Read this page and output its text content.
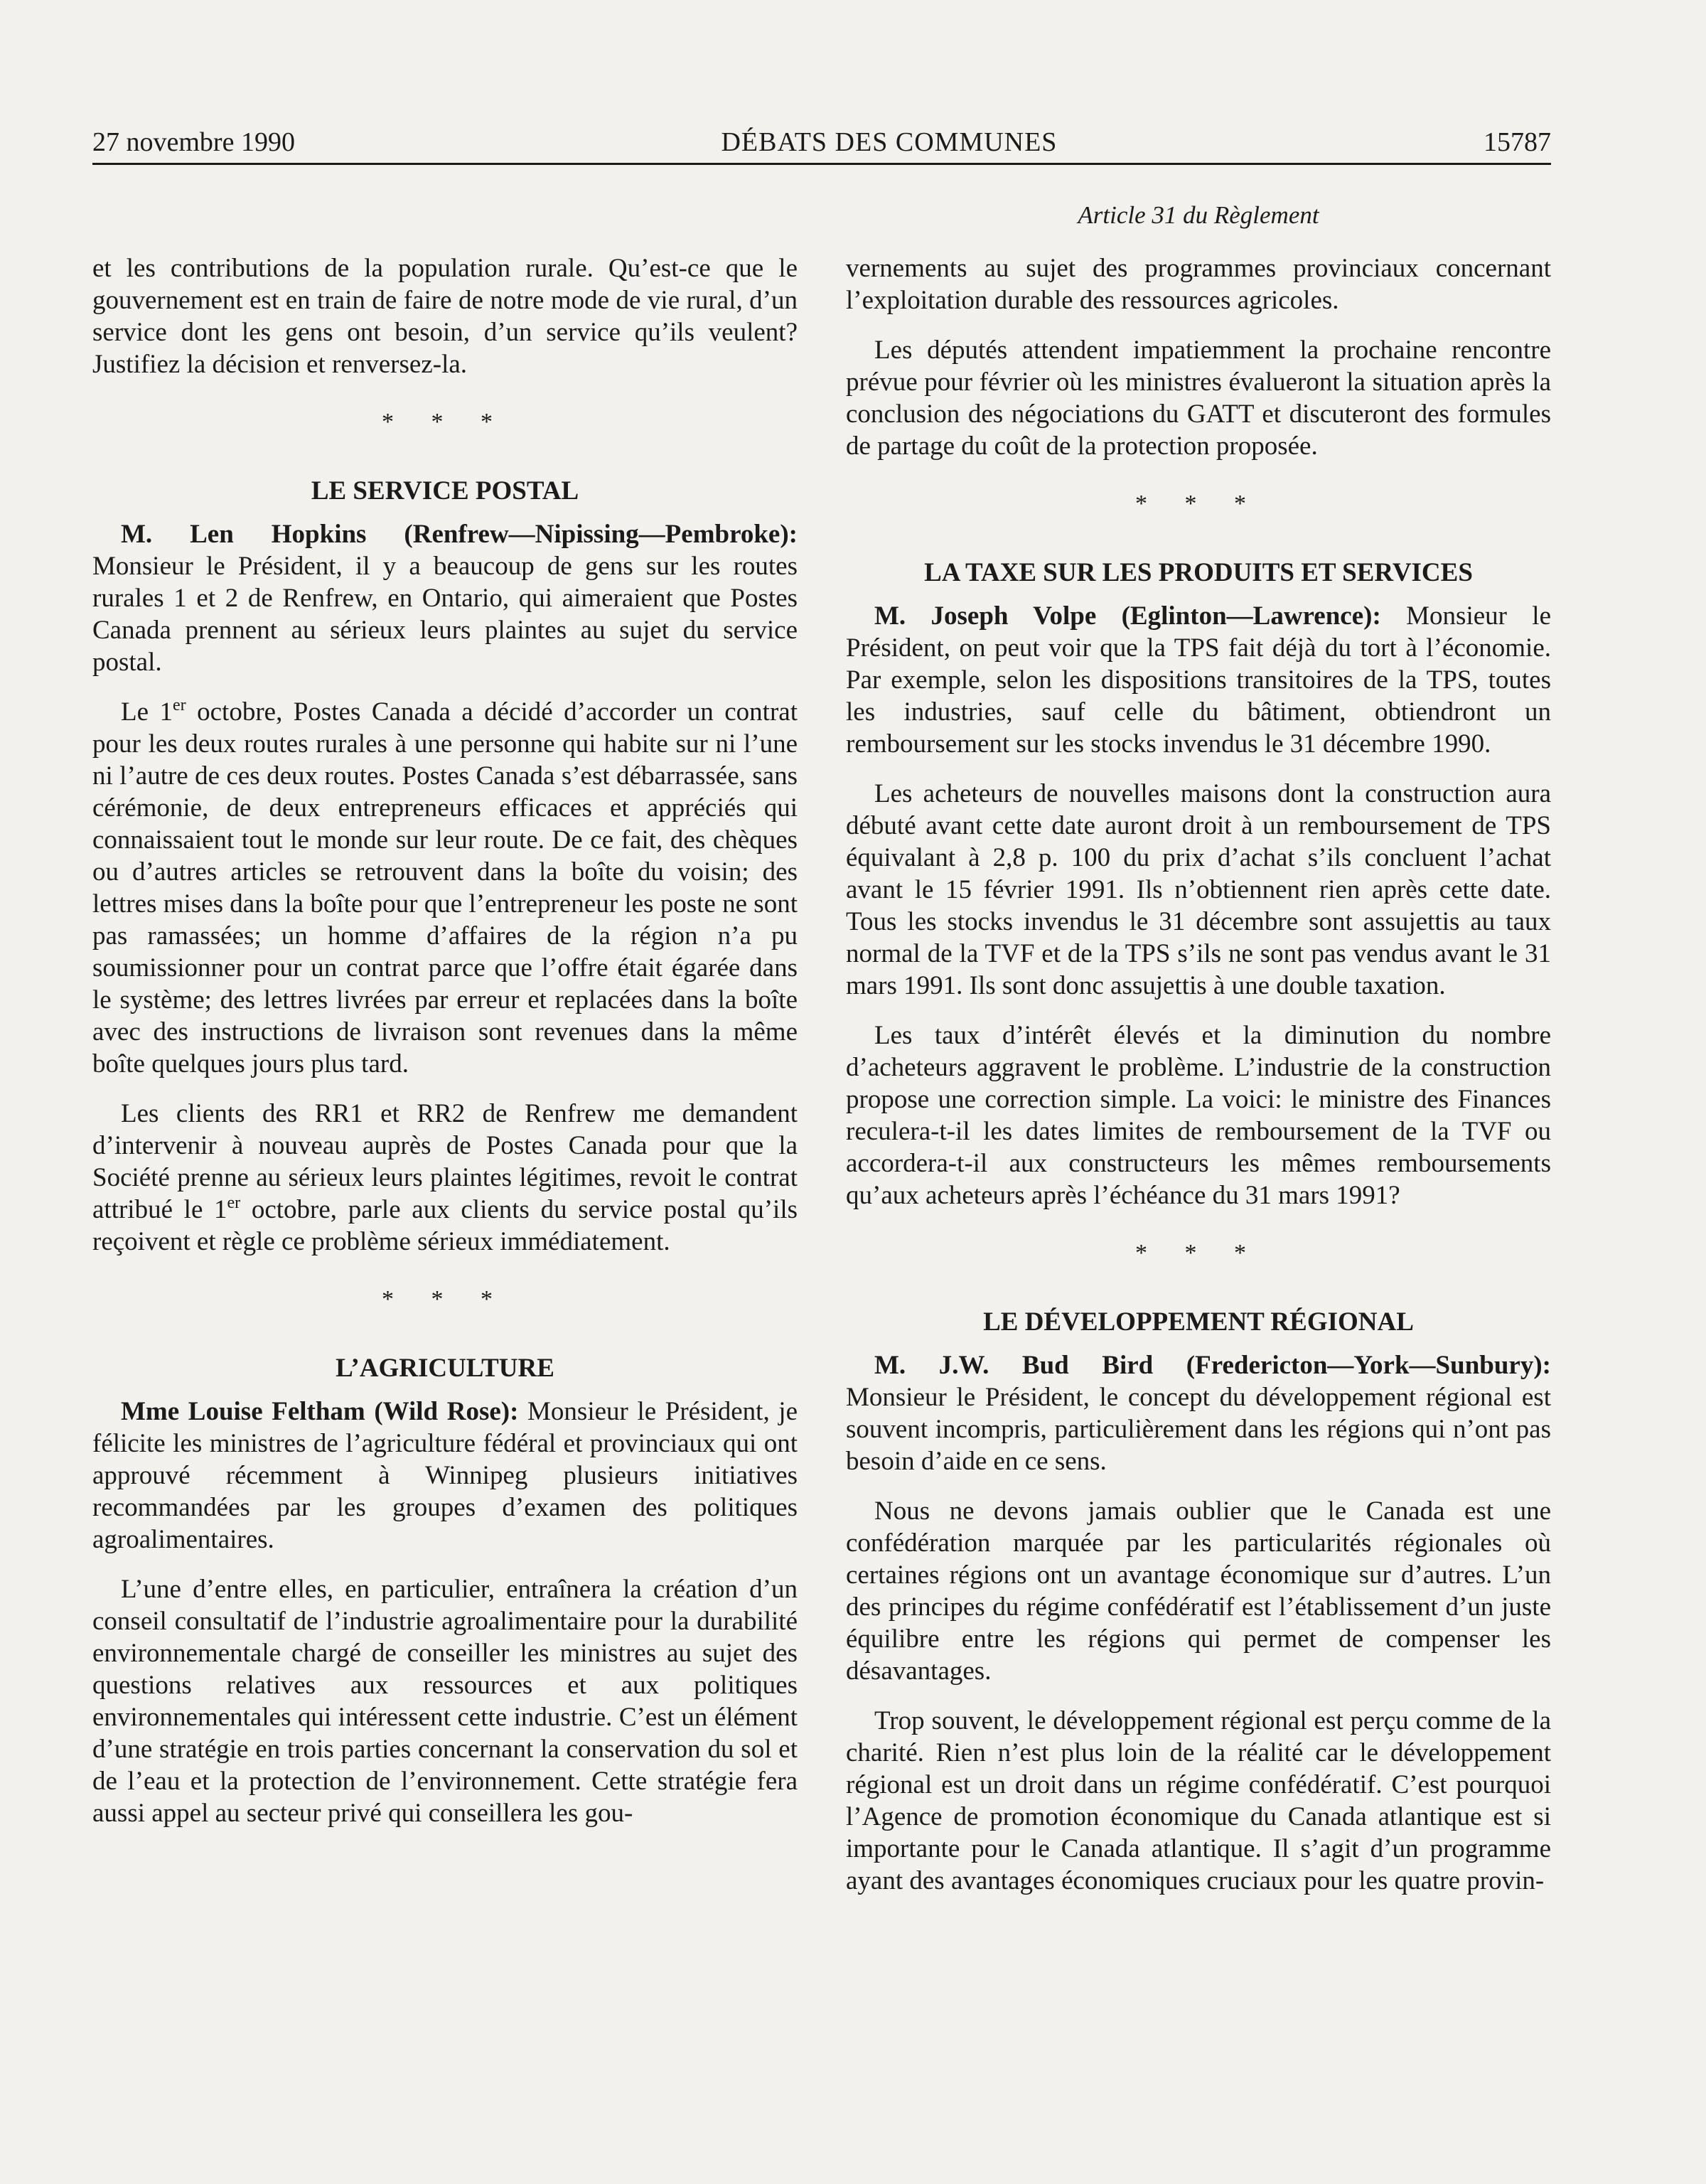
27 novembre 1990	DÉBATS DES COMMUNES	15787
Article 31 du Règlement

et les contributions de la population rurale. Qu’est-ce que le gouvernement est en train de faire de notre mode de vie rural, d’un service dont les gens ont besoin, d’un service qu’ils veulent? Justifiez la décision et renversez-la.

* * *
LE SERVICE POSTAL

M. Len Hopkins (Renfrew—Nipissing—Pembroke): Monsieur le Président, il y a beaucoup de gens sur les routes rurales 1 et 2 de Renfrew, en Ontario, qui aimeraient que Postes Canada prennent au sérieux leurs plaintes au sujet du service postal.

Le 1er octobre, Postes Canada a décidé d’accorder un contrat pour les deux routes rurales à une personne qui habite sur ni l’une ni l’autre de ces deux routes. Postes Canada s’est débarrassée, sans cérémonie, de deux entrepreneurs efficaces et appréciés qui connaissaient tout le monde sur leur route. De ce fait, des chèques ou d’autres articles se retrouvent dans la boîte du voisin; des lettres mises dans la boîte pour que l’entrepreneur les poste ne sont pas ramassées; un homme d’affaires de la région n’a pu soumissionner pour un contrat parce que l’offre était égarée dans le système; des lettres livrées par erreur et replacées dans la boîte avec des instructions de livraison sont revenues dans la même boîte quelques jours plus tard.

Les clients des RR1 et RR2 de Renfrew me demandent d’intervenir à nouveau auprès de Postes Canada pour que la Société prenne au sérieux leurs plaintes légitimes, revoit le contrat attribué le 1er octobre, parle aux clients du service postal qu’ils reçoivent et règle ce problème sérieux immédiatement.

* * *
L’AGRICULTURE

Mme Louise Feltham (Wild Rose): Monsieur le Président, je félicite les ministres de l’agriculture fédéral et provinciaux qui ont approuvé récemment à Winnipeg plusieurs initiatives recommandées par les groupes d’examen des politiques agroalimentaires.

L’une d’entre elles, en particulier, entraînera la création d’un conseil consultatif de l’industrie agroalimentaire pour la durabilité environnementale chargé de conseiller les ministres au sujet des questions relatives aux ressources et aux politiques environnementales qui intéressent cette industrie. C’est un élément d’une stratégie en trois parties concernant la conservation du sol et de l’eau et la protection de l’environnement. Cette stratégie fera aussi appel au secteur privé qui conseillera les gou-

vernements au sujet des programmes provinciaux concernant l’exploitation durable des ressources agricoles.

Les députés attendent impatiemment la prochaine rencontre prévue pour février où les ministres évalueront la situation après la conclusion des négociations du GATT et discuteront des formules de partage du coût de la protection proposée.

* * *
LA TAXE SUR LES PRODUITS ET SERVICES

M. Joseph Volpe (Eglinton—Lawrence): Monsieur le Président, on peut voir que la TPS fait déjà du tort à l’économie. Par exemple, selon les dispositions transitoires de la TPS, toutes les industries, sauf celle du bâtiment, obtiendront un remboursement sur les stocks invendus le 31 décembre 1990.

Les acheteurs de nouvelles maisons dont la construction aura débuté avant cette date auront droit à un remboursement de TPS équivalant à 2,8 p. 100 du prix d’achat s’ils concluent l’achat avant le 15 février 1991. Ils n’obtiennent rien après cette date. Tous les stocks invendus le 31 décembre sont assujettis au taux normal de la TVF et de la TPS s’ils ne sont pas vendus avant le 31 mars 1991. Ils sont donc assujettis à une double taxation.

Les taux d’intérêt élevés et la diminution du nombre d’acheteurs aggravent le problème. L’industrie de la construction propose une correction simple. La voici: le ministre des Finances reculera-t-il les dates limites de remboursement de la TVF ou accordera-t-il aux constructeurs les mêmes remboursements qu’aux acheteurs après l’échéance du 31 mars 1991?

* * *
LE DÉVELOPPEMENT RÉGIONAL

M. J.W. Bud Bird (Fredericton—York—Sunbury): Monsieur le Président, le concept du développement régional est souvent incompris, particulièrement dans les régions qui n’ont pas besoin d’aide en ce sens.

Nous ne devons jamais oublier que le Canada est une confédération marquée par les particularités régionales où certaines régions ont un avantage économique sur d’autres. L’un des principes du régime confédératif est l’établissement d’un juste équilibre entre les régions qui permet de compenser les désavantages.

Trop souvent, le développement régional est perçu comme de la charité. Rien n’est plus loin de la réalité car le développement régional est un droit dans un régime confédératif. C’est pourquoi l’Agence de promotion économique du Canada atlantique est si importante pour le Canada atlantique. Il s’agit d’un programme ayant des avantages économiques cruciaux pour les quatre provin-
